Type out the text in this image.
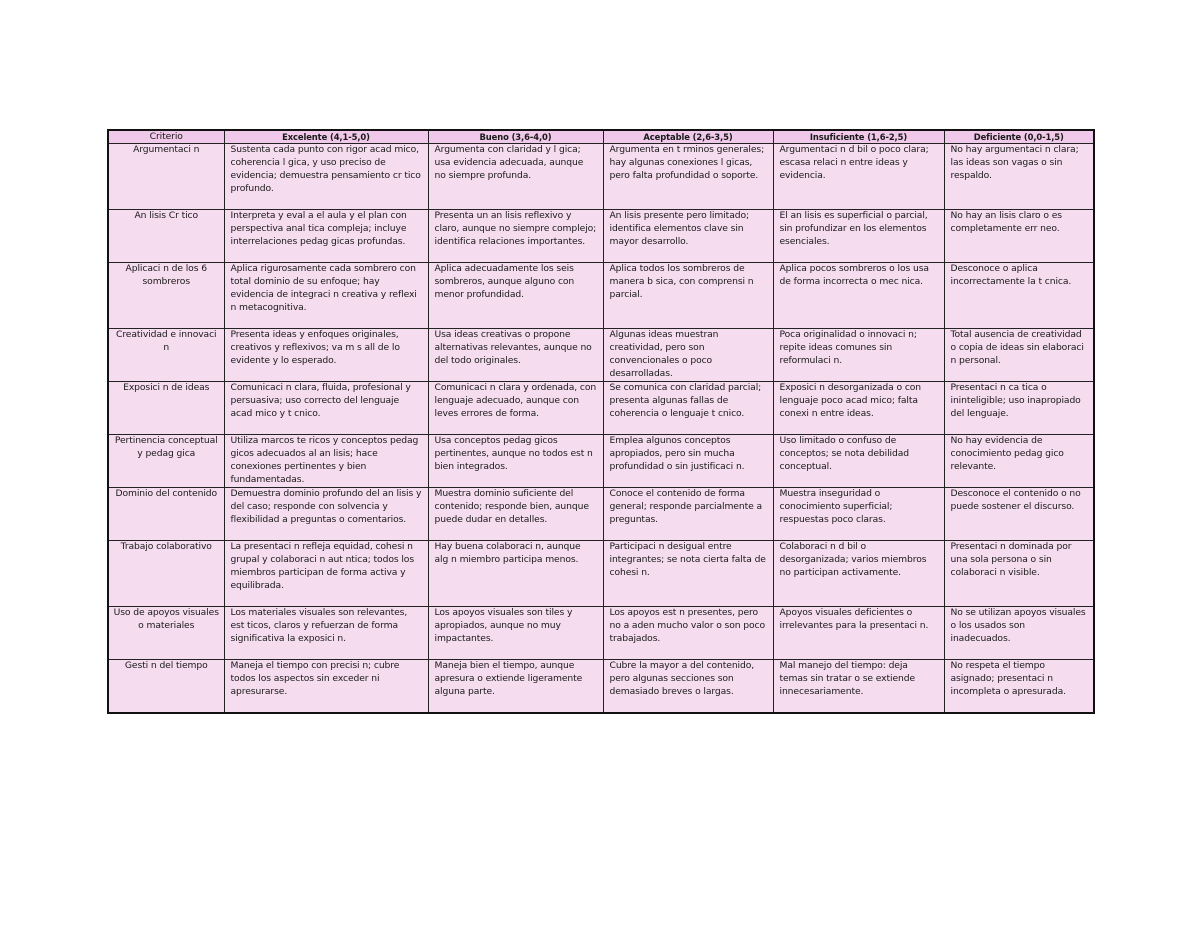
Criterio	Excelente (4,1-5,0)	Bueno (3,6-4,0)	Aceptable (2,6-3,5)	Insuficiente (1,6-2,5)	Deficiente (0,0-1,5)
Argumentaci n	Sustenta cada punto con rigor acad mico, coherencia l gica, y uso preciso de evidencia; demuestra pensamiento cr tico profundo.	Argumenta con claridad y l gica; usa evidencia adecuada, aunque no siempre profunda.	Argumenta en t rminos generales; hay algunas conexiones l gicas, pero falta profundidad o soporte.	Argumentaci n d bil o poco clara; escasa relaci n entre ideas y evidencia.	No hay argumentaci n clara; las ideas son vagas o sin respaldo.
An lisis Cr tico	Interpreta y eval a el aula y el plan con perspectiva anal tica compleja; incluye interrelaciones pedag gicas profundas.	Presenta un an lisis reflexivo y claro, aunque no siempre complejo; identifica relaciones importantes.	An lisis presente pero limitado; identifica elementos clave sin mayor desarrollo.	El an lisis es superficial o parcial, sin profundizar en los elementos esenciales.	No hay an lisis claro o es completamente err neo.
Aplicaci n de los 6 sombreros	Aplica rigurosamente cada sombrero con total dominio de su enfoque; hay evidencia de integraci n creativa y reflexi n metacognitiva.	Aplica adecuadamente los seis sombreros, aunque alguno con menor profundidad.	Aplica todos los sombreros de manera b sica, con comprensi n parcial.	Aplica pocos sombreros o los usa de forma incorrecta o mec nica.	Desconoce o aplica incorrectamente la t cnica.
Creatividad e innovaci n	Presenta ideas y enfoques originales, creativos y reflexivos; va m s all de lo evidente y lo esperado.	Usa ideas creativas o propone alternativas relevantes, aunque no del todo originales.	Algunas ideas muestran creatividad, pero son convencionales o poco desarrolladas.	Poca originalidad o innovaci n; repite ideas comunes sin reformulaci n.	Total ausencia de creatividad o copia de ideas sin elaboraci n personal.
Exposici n de ideas	Comunicaci n clara, fluida, profesional y persuasiva; uso correcto del lenguaje acad mico y t cnico.	Comunicaci n clara y ordenada, con lenguaje adecuado, aunque con leves errores de forma.	Se comunica con claridad parcial; presenta algunas fallas de coherencia o lenguaje t cnico.	Exposici n desorganizada o con lenguaje poco acad mico; falta conexi n entre ideas.	Presentaci n ca tica o ininteligible; uso inapropiado del lenguaje.
Pertinencia conceptual y pedag gica	Utiliza marcos te ricos y conceptos pedag gicos adecuados al an lisis; hace conexiones pertinentes y bien fundamentadas.	Usa conceptos pedag gicos pertinentes, aunque no todos est n bien integrados.	Emplea algunos conceptos apropiados, pero sin mucha profundidad o sin justificaci n.	Uso limitado o confuso de conceptos; se nota debilidad conceptual.	No hay evidencia de conocimiento pedag gico relevante.
Dominio del contenido	Demuestra dominio profundo del an lisis y del caso; responde con solvencia y flexibilidad a preguntas o comentarios.	Muestra dominio suficiente del contenido; responde bien, aunque puede dudar en detalles.	Conoce el contenido de forma general; responde parcialmente a preguntas.	Muestra inseguridad o conocimiento superficial; respuestas poco claras.	Desconoce el contenido o no puede sostener el discurso.
Trabajo colaborativo	La presentaci n refleja equidad, cohesi n grupal y colaboraci n aut ntica; todos los miembros participan de forma activa y equilibrada.	Hay buena colaboraci n, aunque alg n miembro participa menos.	Participaci n desigual entre integrantes; se nota cierta falta de cohesi n.	Colaboraci n d bil o desorganizada; varios miembros no participan activamente.	Presentaci n dominada por una sola persona o sin colaboraci n visible.
Uso de apoyos visuales o materiales	Los materiales visuales son relevantes, est ticos, claros y refuerzan de forma significativa la exposici n.	Los apoyos visuales son tiles y apropiados, aunque no muy impactantes.	Los apoyos est n presentes, pero no a aden mucho valor o son poco trabajados.	Apoyos visuales deficientes o irrelevantes para la presentaci n.	No se utilizan apoyos visuales o los usados son inadecuados.
Gesti n del tiempo	Maneja el tiempo con precisi n; cubre todos los aspectos sin exceder ni apresurarse.	Maneja bien el tiempo, aunque apresura o extiende ligeramente alguna parte.	Cubre la mayor a del contenido, pero algunas secciones son demasiado breves o largas.	Mal manejo del tiempo: deja temas sin tratar o se extiende innecesariamente.	No respeta el tiempo asignado; presentaci n incompleta o apresurada.
